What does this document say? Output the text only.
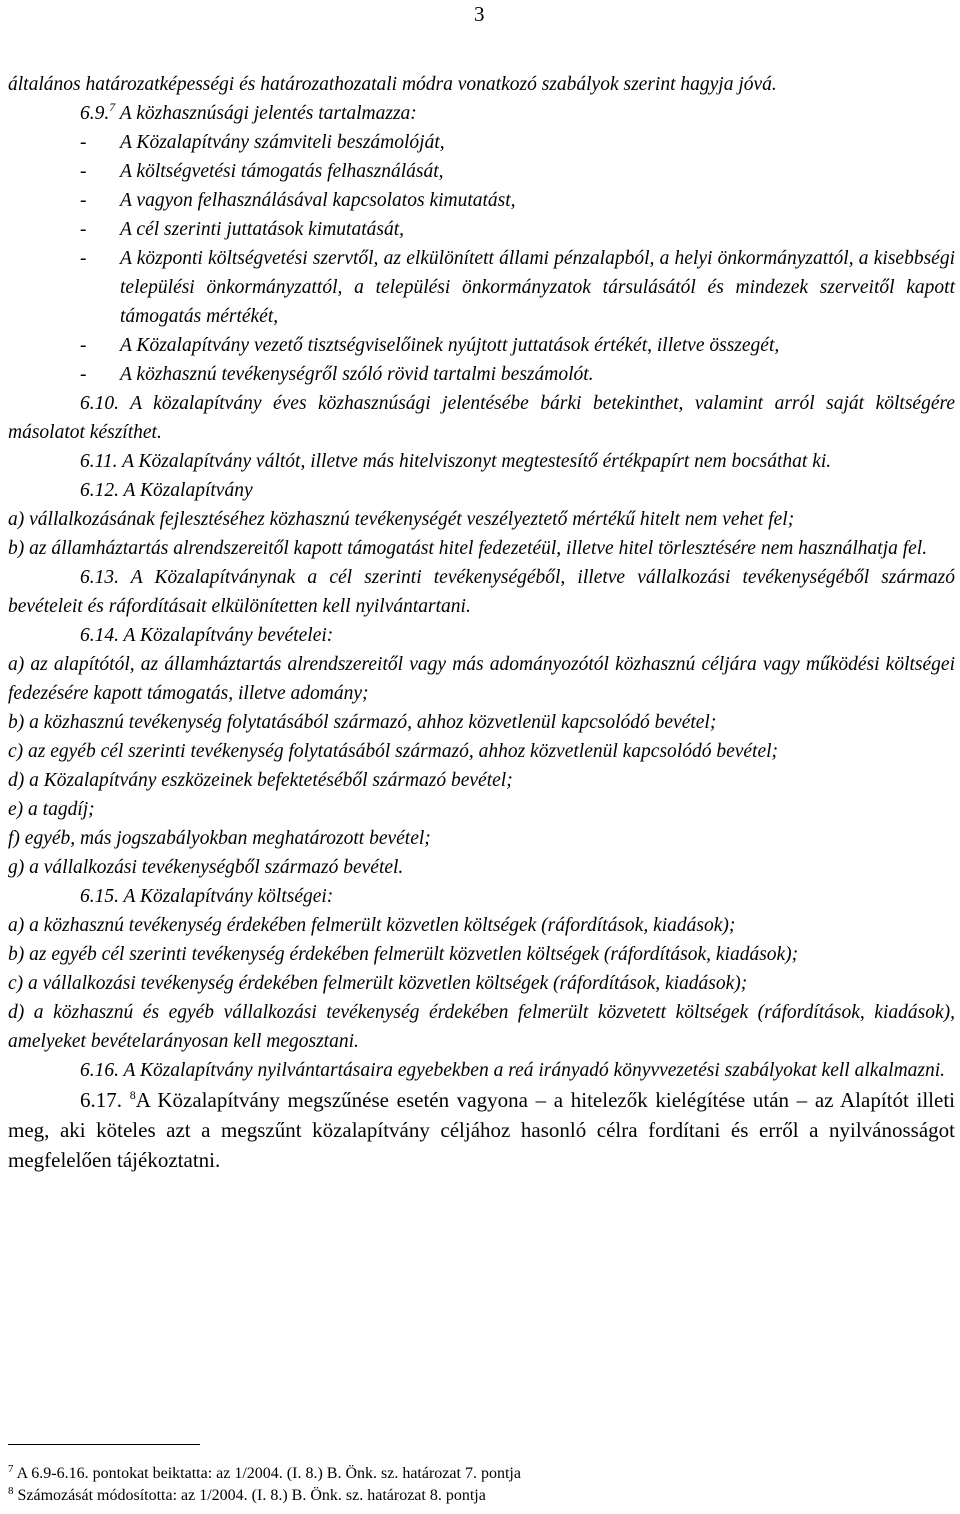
3

általános határozatképességi és határozathozatali módra vonatkozó szabályok szerint hagyja jóvá.

6.9.$^7$ A közhasznúsági jelentés tartalmazza:

- A Közalapítvány számviteli beszámolóját,

- A költségvetési támogatás felhasználását,

- A vagyon felhasználásával kapcsolatos kimutatást,

- A cél szerinti juttatások kimutatását,

- A központi költségvetési szervtől, az elkülönített állami pénzalapból, a helyi önkormányzattól, a kisebbségi települési önkormányzattól, a települési önkormányzatok társulásától és mindezek szerveitől kapott támogatás mértékét,

- A Közalapítvány vezető tisztségviselőinek nyújtott juttatások értékét, illetve összegét,

- A közhasznú tevékenységről szóló rövid tartalmi beszámolót.

6.10. A közalapítvány éves közhasznúsági jelentésébe bárki betekinthet, valamint arról saját költségére másolatot készíthet.

6.11. A Közalapítvány váltót, illetve más hitelviszonyt megtestesítő értékpapírt nem bocsáthat ki.

6.12. A Közalapítvány

a) vállalkozásának fejlesztéséhez közhasznú tevékenységét veszélyeztető mértékű hitelt nem vehet fel;

b) az államháztartás alrendszereitől kapott támogatást hitel fedezetéül, illetve hitel törlesztésére nem használhatja fel.

6.13. A Közalapítványnak a cél szerinti tevékenységéből, illetve vállalkozási tevékenységéből származó bevételeit és ráfordításait elkülönítetten kell nyilvántartani.

6.14. A Közalapítvány bevételei:

a) az alapítótól, az államháztartás alrendszereitől vagy más adományozótól közhasznú céljára vagy működési költségei fedezésére kapott támogatás, illetve adomány;

b) a közhasznú tevékenység folytatásából származó, ahhoz közvetlenül kapcsolódó bevétel;

c) az egyéb cél szerinti tevékenység folytatásából származó, ahhoz közvetlenül kapcsolódó bevétel;

d) a Közalapítvány eszközeinek befektetéséből származó bevétel;

e) a tagdíj;

f) egyéb, más jogszabályokban meghatározott bevétel;

g) a vállalkozási tevékenységből származó bevétel.

6.15. A Közalapítvány költségei:

a) a közhasznú tevékenység érdekében felmerült közvetlen költségek (ráfordítások, kiadások);

b) az egyéb cél szerinti tevékenység érdekében felmerült közvetlen költségek (ráfordítások, kiadások);

c) a vállalkozási tevékenység érdekében felmerült közvetlen költségek (ráfordítások, kiadások);

d) a közhasznú és egyéb vállalkozási tevékenység érdekében felmerült közvetett költségek (ráfordítások, kiadások), amelyeket bevételarányosan kell megosztani.

6.16. A Közalapítvány nyilvántartásaira egyebekben a reá irányadó könyvvezetési szabályokat kell alkalmazni.

6.17. $^8$A Közalapítvány megszűnése esetén vagyona – a hitelezők kielégítése után – az Alapítót illeti meg, aki köteles azt a megszűnt közalapítvány céljához hasonló célra fordítani és erről a nyilvánosságot megfelelően tájékoztatni.

$^7$ A 6.9-6.16. pontokat beiktatta: az 1/2004. (I. 8.) B. Önk. sz. határozat 7. pontja
$^8$ Számozását módosította: az 1/2004. (I. 8.) B. Önk. sz. határozat 8. pontja
